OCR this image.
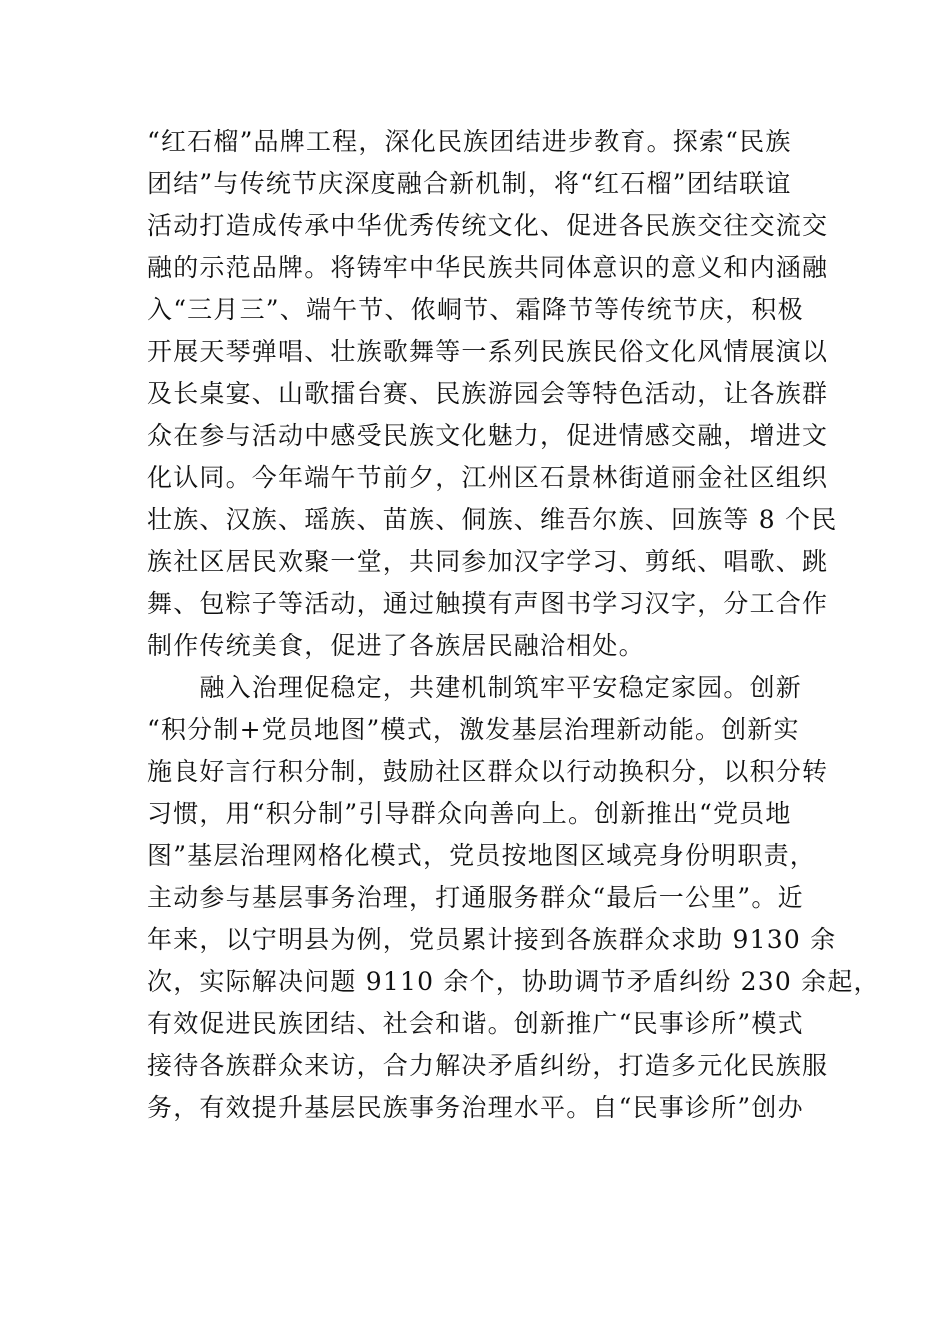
“红石榴”品牌工程，深化民族团结进步教育。探索“民族
团结”与传统节庆深度融合新机制，将“红石榴”团结联谊
活动打造成传承中华优秀传统文化、促进各民族交往交流交
融的示范品牌。将铸牢中华民族共同体意识的意义和内涵融
入“三月三”、端午节、侬峒节、霜降节等传统节庆，积极
开展天琴弹唱、壮族歌舞等一系列民族民俗文化风情展演以
及长桌宴、山歌擂台赛、民族游园会等特色活动，让各族群
众在参与活动中感受民族文化魅力，促进情感交融，增进文
化认同。今年端午节前夕，江州区石景林街道丽金社区组织
壮族、汉族、瑶族、苗族、侗族、维吾尔族、回族等 8 个民
族社区居民欢聚一堂，共同参加汉字学习、剪纸、唱歌、跳
舞、包粽子等活动，通过触摸有声图书学习汉字，分工合作
制作传统美食，促进了各族居民融洽相处。
　　融入治理促稳定，共建机制筑牢平安稳定家园。创新
“积分制+党员地图”模式，激发基层治理新动能。创新实
施良好言行积分制，鼓励社区群众以行动换积分，以积分转
习惯，用“积分制”引导群众向善向上。创新推出“党员地
图”基层治理网格化模式，党员按地图区域亮身份明职责，
主动参与基层事务治理，打通服务群众“最后一公里”。近
年来，以宁明县为例，党员累计接到各族群众求助 9130 余
次，实际解决问题 9110 余个，协助调节矛盾纠纷 230 余起，
有效促进民族团结、社会和谐。创新推广“民事诊所”模式
接待各族群众来访，合力解决矛盾纠纷，打造多元化民族服
务，有效提升基层民族事务治理水平。自“民事诊所”创办
